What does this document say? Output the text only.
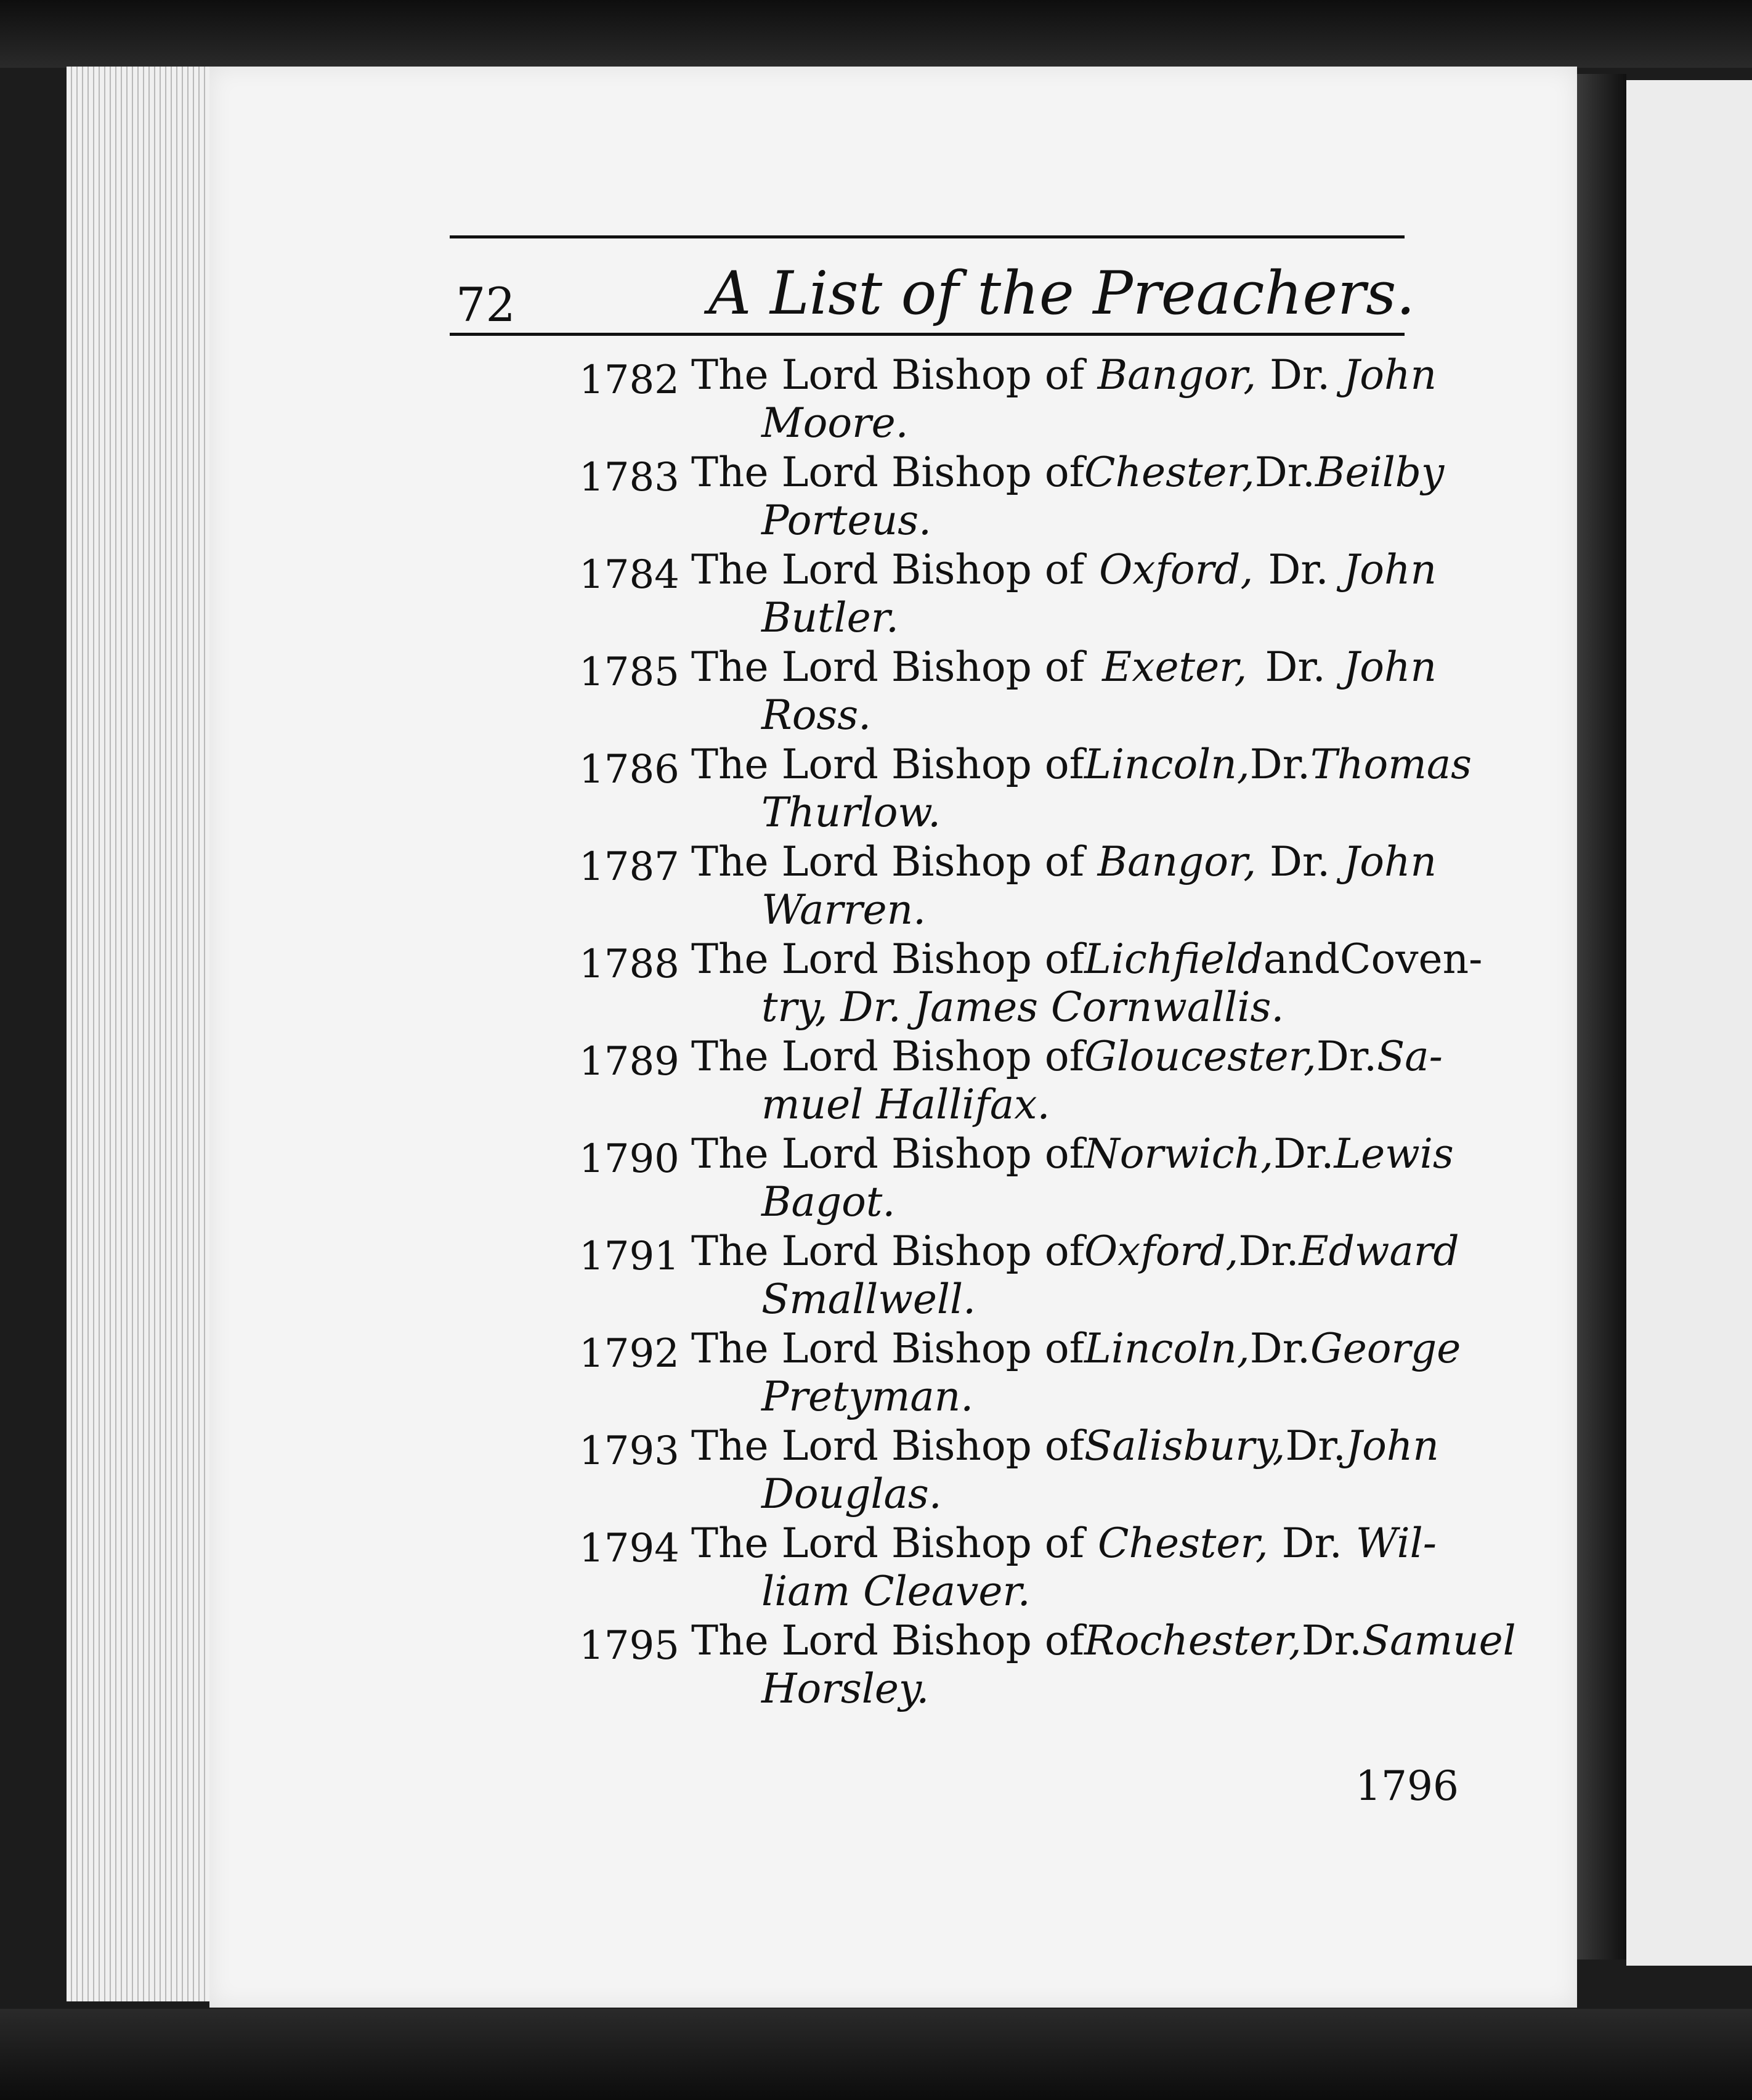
72	A List of the Preachers.
1782 The Lord Bishop of Bangor, Dr. John
Moore.
1783 The Lord Bishop of Chester, Dr. Beilby
Porteus.
1784 The Lord Bishop of Oxford, Dr. John
Butler.
1785 The Lord Bishop of Exeter, Dr. John
Ross.
1786 The Lord Bishop of Lincoln, Dr. Thomas
Thurlow.
1787 The Lord Bishop of Bangor, Dr. John
Warren.
1788 The Lord Bishop of Lichfield and Coven-
try, Dr. James Cornwallis.
1789 The Lord Bishop of Gloucester, Dr. Sa-
muel Hallifax.
1790 The Lord Bishop of Norwich, Dr. Lewis
Bagot.
1791 The Lord Bishop of Oxford, Dr. Edward
Smallwell.
1792 The Lord Bishop of Lincoln, Dr. George
Pretyman.
1793 The Lord Bishop of Salisbury, Dr. John
Douglas.
1794 The Lord Bishop of Chester, Dr. Wil-
liam Cleaver.
1795 The Lord Bishop of Rochester, Dr. Samuel
Horsley.
1796
